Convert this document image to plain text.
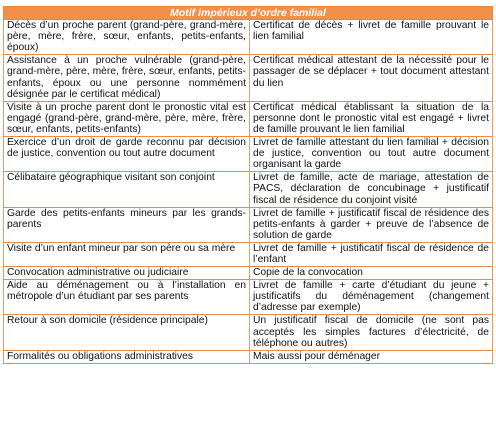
Motif impérieux d’ordre familial	
Décès d’un proche parent (grand-père, grand-mère, père, mère, frère, sœur, enfants, petits-enfants, époux)	Certificat de décès + livret de famille prouvant le lien familial
Assistance à un proche vulnérable (grand-père, grand-mère, père, mère, frère, sœur, enfants, petits-enfants, époux ou une personne nommément désignée par le certificat médical)	Certificat médical attestant de la nécessité pour le passager de se déplacer + tout document attestant du lien
Visite à un proche parent dont le pronostic vital est engagé (grand-père, grand-mère, père, mère, frère, sœur, enfants, petits-enfants)	Certificat médical établissant la situation de la personne dont le pronostic vital est engagé + livret de famille prouvant le lien familial
Exercice d’un droit de garde reconnu par décision de justice, convention ou tout autre document	Livret de famille attestant du lien familial + décision de justice, convention ou tout autre document organisant la garde
Célibataire géographique visitant son conjoint	Livret de famille, acte de mariage, attestation de PACS, déclaration de concubinage + justificatif fiscal de résidence du conjoint visité
Garde des petits-enfants mineurs par les grands-parents	Livret de famille + justificatif fiscal de résidence des petits-enfants à garder + preuve de l’absence de solution de garde
Visite d’un enfant mineur par son père ou sa mère	Livret de famille + justificatif fiscal de résidence de l’enfant
Convocation administrative ou judiciaire	Copie de la convocation
Aide au déménagement ou à l’installation en métropole d’un étudiant par ses parents	Livret de famille + carte d’étudiant du jeune + justificatifs du déménagement (changement d’adresse par exemple)
Retour à son domicile (résidence principale)	Un justificatif fiscal de domicile (ne sont pas acceptés les simples factures d’électricité, de téléphone ou autres)
Formalités ou obligations administratives	Mais aussi pour déménager
